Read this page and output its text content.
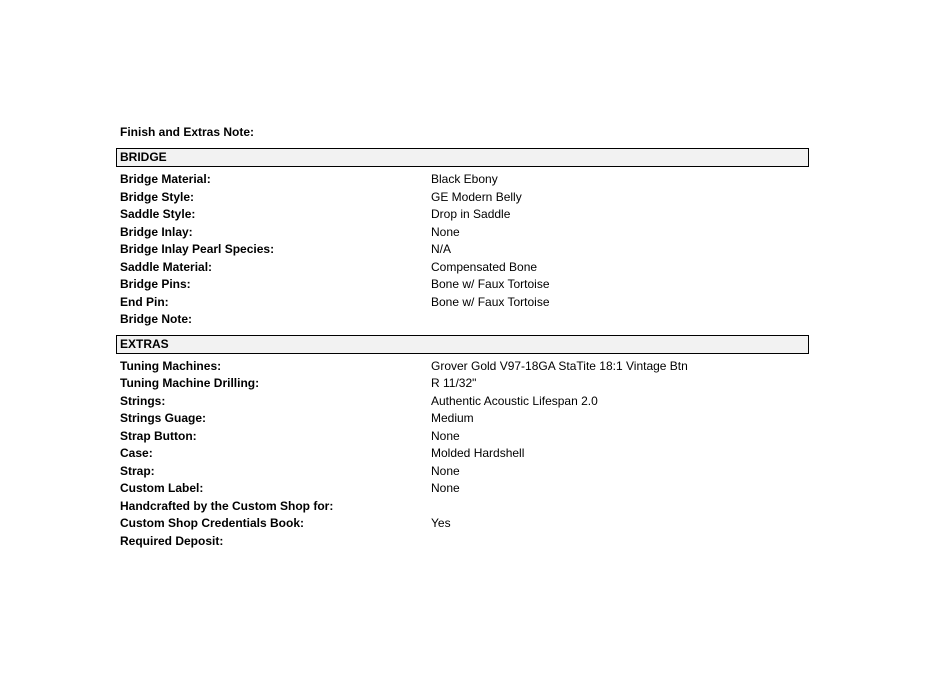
Finish and Extras Note:
BRIDGE
Bridge Material:	Black Ebony
Bridge Style:	GE Modern Belly
Saddle Style:	Drop in Saddle
Bridge Inlay:	None
Bridge Inlay Pearl Species:	N/A
Saddle Material:	Compensated Bone
Bridge Pins:	Bone w/ Faux Tortoise
End Pin:	Bone w/ Faux Tortoise
Bridge Note:
EXTRAS
Tuning Machines:	Grover Gold V97-18GA StaTite 18:1 Vintage Btn
Tuning Machine Drilling:	R 11/32"
Strings:	Authentic Acoustic Lifespan 2.0
Strings Guage:	Medium
Strap Button:	None
Case:	Molded Hardshell
Strap:	None
Custom Label:	None
Handcrafted by the Custom Shop for:
Custom Shop Credentials Book:	Yes
Required Deposit:
